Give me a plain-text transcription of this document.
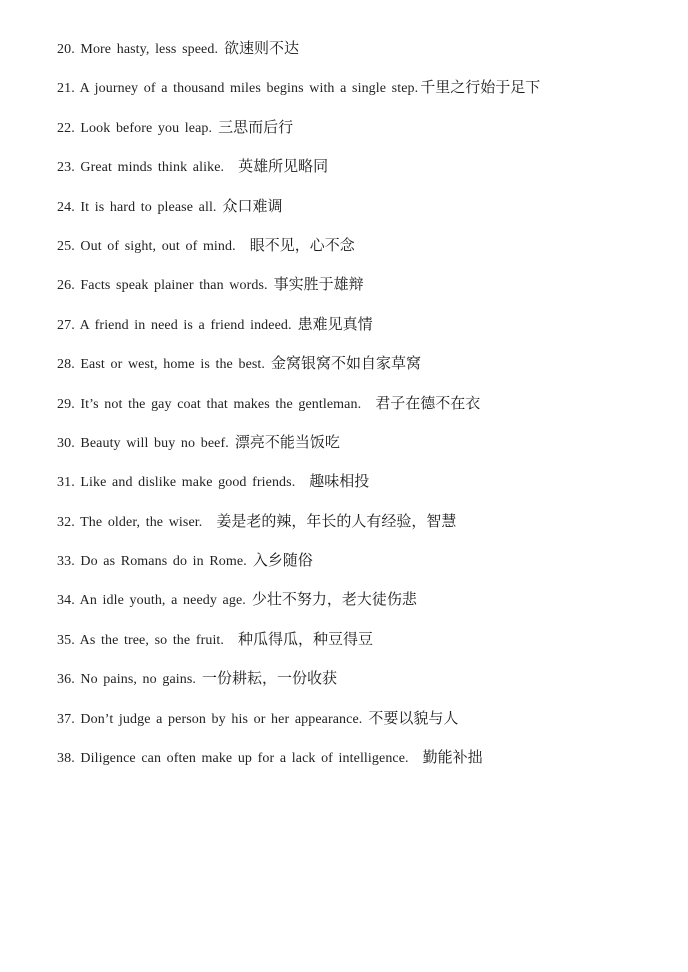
20. More hasty, less speed. 欲速则不达
21. A journey of a thousand miles begins with a single step. 千里之行始于足下
22. Look before you leap. 三思而后行
23. Great minds think alike. 英雄所见略同
24. It is hard to please all. 众口难调
25. Out of sight, out of mind. 眼不见，心不念
26. Facts speak plainer than words. 事实胜于雄辩
27. A friend in need is a friend indeed. 患难见真情
28. East or west, home is the best. 金窝银窝不如自家草窝
29. It’s not the gay coat that makes the gentleman. 君子在德不在衣
30. Beauty will buy no beef. 漂亮不能当饭吃
31. Like and dislike make good friends. 趣味相投
32. The older, the wiser. 姜是老的辣，年长的人有经验，智慧
33. Do as Romans do in Rome. 入乡随俗
34. An idle youth, a needy age. 少壮不努力，老大徒伤悲
35. As the tree, so the fruit. 种瓜得瓜，种豆得豆
36. No pains, no gains. 一份耕耘，一份收获
37. Don’t judge a person by his or her appearance. 不要以貌与人
38. Diligence can often make up for a lack of intelligence. 勤能补拙
